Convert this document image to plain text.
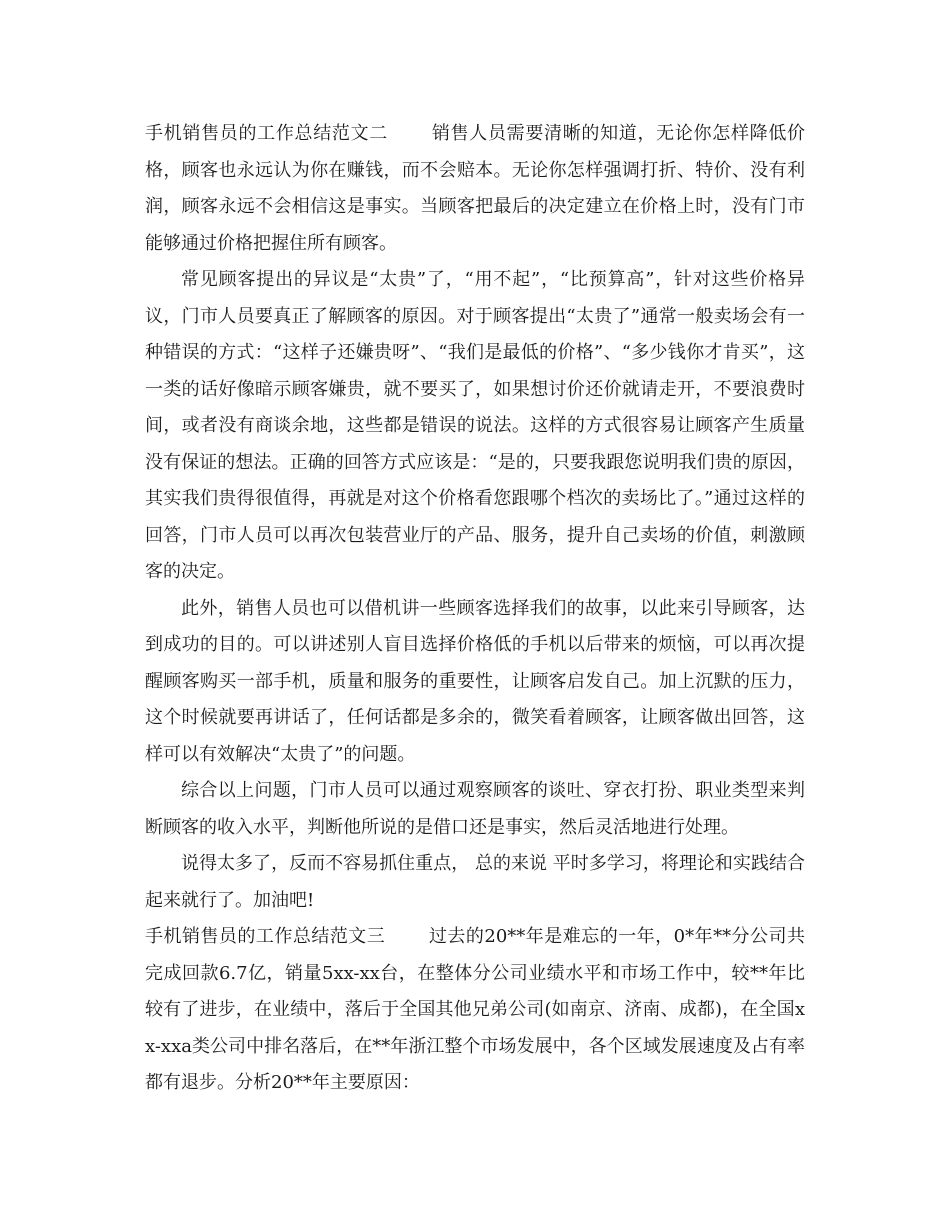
手机销售员的工作总结范文二 销售人员需要清晰的知道，无论你怎样降低价格，顾客也永远认为你在赚钱，而不会赔本。无论你怎样强调打折、特价、没有利润，顾客永远不会相信这是事实。当顾客把最后的决定建立在价格上时，没有门市能够通过价格把握住所有顾客。

常见顾客提出的异议是“太贵”了，“用不起”，“比预算高”，针对这些价格异议，门市人员要真正了解顾客的原因。对于顾客提出“太贵了”通常一般卖场会有一种错误的方式：“这样子还嫌贵呀”、“我们是最低的价格”、“多少钱你才肯买”，这一类的话好像暗示顾客嫌贵，就不要买了，如果想讨价还价就请走开，不要浪费时间，或者没有商谈余地，这些都是错误的说法。这样的方式很容易让顾客产生质量没有保证的想法。正确的回答方式应该是：“是的，只要我跟您说明我们贵的原因，其实我们贵得很值得，再就是对这个价格看您跟哪个档次的卖场比了。”通过这样的回答，门市人员可以再次包装营业厅的产品、服务，提升自己卖场的价值，刺激顾客的决定。

此外，销售人员也可以借机讲一些顾客选择我们的故事，以此来引导顾客，达到成功的目的。可以讲述别人盲目选择价格低的手机以后带来的烦恼，可以再次提醒顾客购买一部手机，质量和服务的重要性，让顾客启发自己。加上沉默的压力，这个时候就要再讲话了，任何话都是多余的，微笑看着顾客，让顾客做出回答，这样可以有效解决“太贵了”的问题。

综合以上问题，门市人员可以通过观察顾客的谈吐、穿衣打扮、职业类型来判断顾客的收入水平，判断他所说的是借口还是事实，然后灵活地进行处理。

说得太多了，反而不容易抓住重点， 总的来说 平时多学习，将理论和实践结合起来就行了。加油吧!

手机销售员的工作总结范文三 过去的20**年是难忘的一年，0*年**分公司共完成回款6.7亿，销量5xx-xx台，在整体分公司业绩水平和市场工作中，较**年比较有了进步，在业绩中，落后于全国其他兄弟公司(如南京、济南、成都)，在全国xx-xxa类公司中排名落后，在**年浙江整个市场发展中，各个区域发展速度及占有率都有退步。分析20**年主要原因：
